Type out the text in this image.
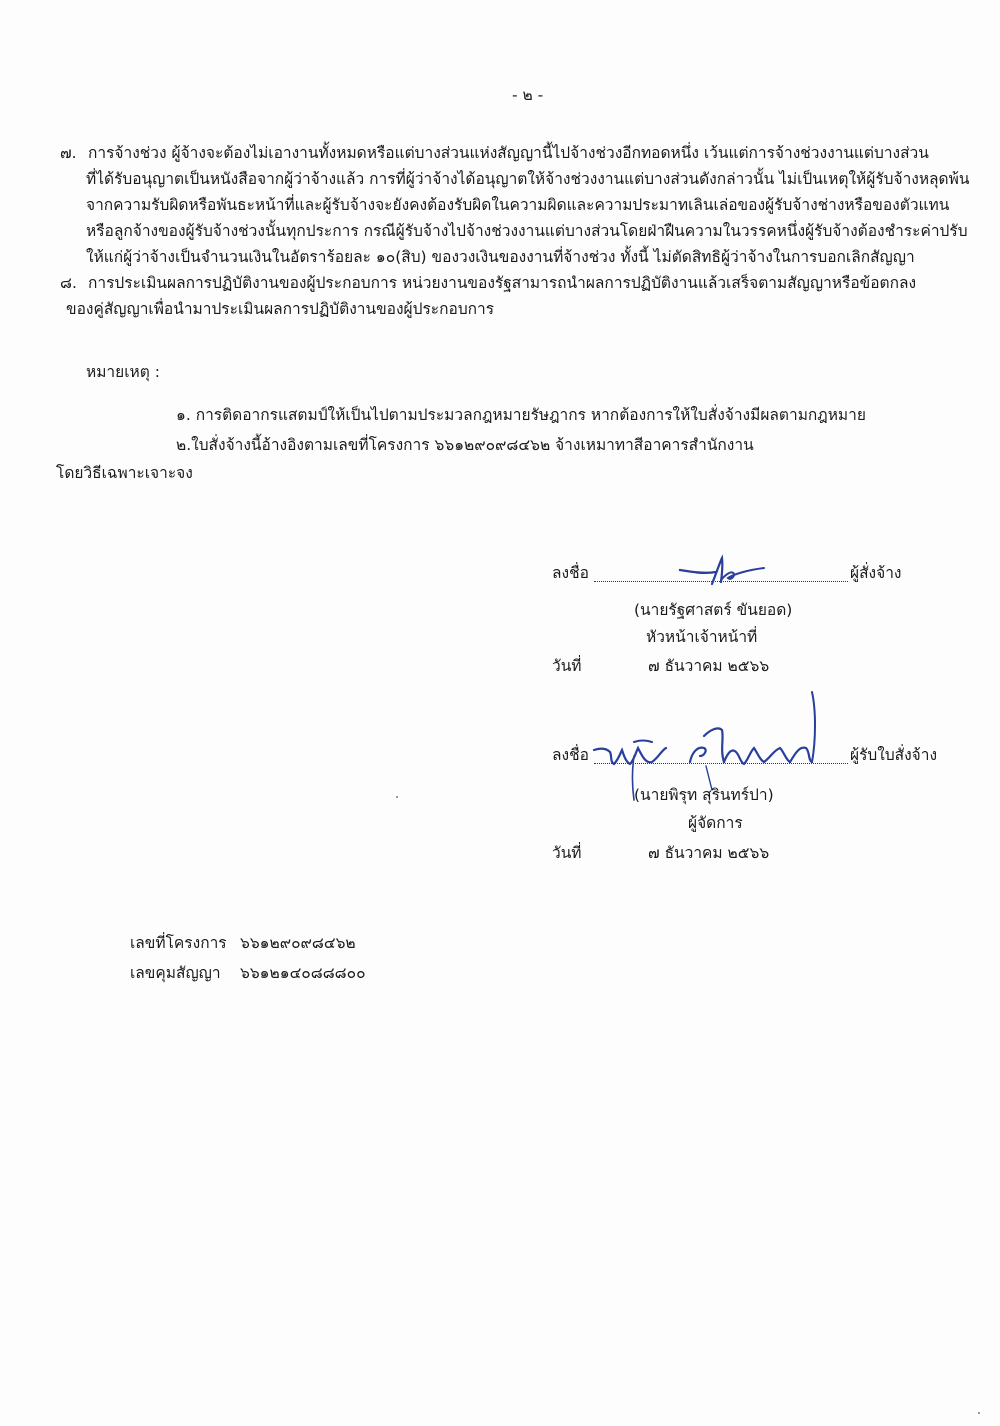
- ๒ -
๗. การจ้างช่วง ผู้จ้างจะต้องไม่เอางานทั้งหมดหรือแต่บางส่วนแห่งสัญญานี้ไปจ้างช่วงอีกทอดหนึ่ง เว้นแต่การจ้างช่วงงานแต่บางส่วน
ที่ได้รับอนุญาตเป็นหนังสือจากผู้ว่าจ้างแล้ว การที่ผู้ว่าจ้างได้อนุญาตให้จ้างช่วงงานแต่บางส่วนดังกล่าวนั้น ไม่เป็นเหตุให้ผู้รับจ้างหลุดพ้น
จากความรับผิดหรือพันธะหน้าที่และผู้รับจ้างจะยังคงต้องรับผิดในความผิดและความประมาทเลินเล่อของผู้รับจ้างช่างหรือของตัวแทน
หรือลูกจ้างของผู้รับจ้างช่วงนั้นทุกประการ กรณีผู้รับจ้างไปจ้างช่วงงานแต่บางส่วนโดยฝ่าฝืนความในวรรคหนึ่งผู้รับจ้างต้องชำระค่าปรับ
ให้แก่ผู้ว่าจ้างเป็นจำนวนเงินในอัตราร้อยละ ๑๐(สิบ) ของวงเงินของงานที่จ้างช่วง ทั้งนี้ ไม่ตัดสิทธิผู้ว่าจ้างในการบอกเลิกสัญญา
๘. การประเมินผลการปฏิบัติงานของผู้ประกอบการ หน่วยงานของรัฐสามารถนำผลการปฏิบัติงานแล้วเสร็จตามสัญญาหรือข้อตกลง
ของคู่สัญญาเพื่อนำมาประเมินผลการปฏิบัติงานของผู้ประกอบการ
หมายเหตุ :
๑. การติดอากรแสตมป์ให้เป็นไปตามประมวลกฎหมายรัษฎากร หากต้องการให้ใบสั่งจ้างมีผลตามกฎหมาย
๒.ใบสั่งจ้างนี้อ้างอิงตามเลขที่โครงการ ๖๖๑๒๙๐๙๘๔๖๒ จ้างเหมาทาสีอาคารสำนักงาน
โดยวิธีเฉพาะเจาะจง
ลงชื่อ	ผู้สั่งจ้าง
(นายรัฐศาสตร์ ขันยอด)
หัวหน้าเจ้าหน้าที่
วันที่	๗ ธันวาคม ๒๕๖๖
ลงชื่อ	ผู้รับใบสั่งจ้าง
(นายพิรุท สุรินทร์ปา)
ผู้จัดการ
วันที่	๗ ธันวาคม ๒๕๖๖
เลขที่โครงการ ๖๖๑๒๙๐๙๘๔๖๒
เลขคุมสัญญา ๖๖๑๒๑๔๐๘๘๘๐๐
